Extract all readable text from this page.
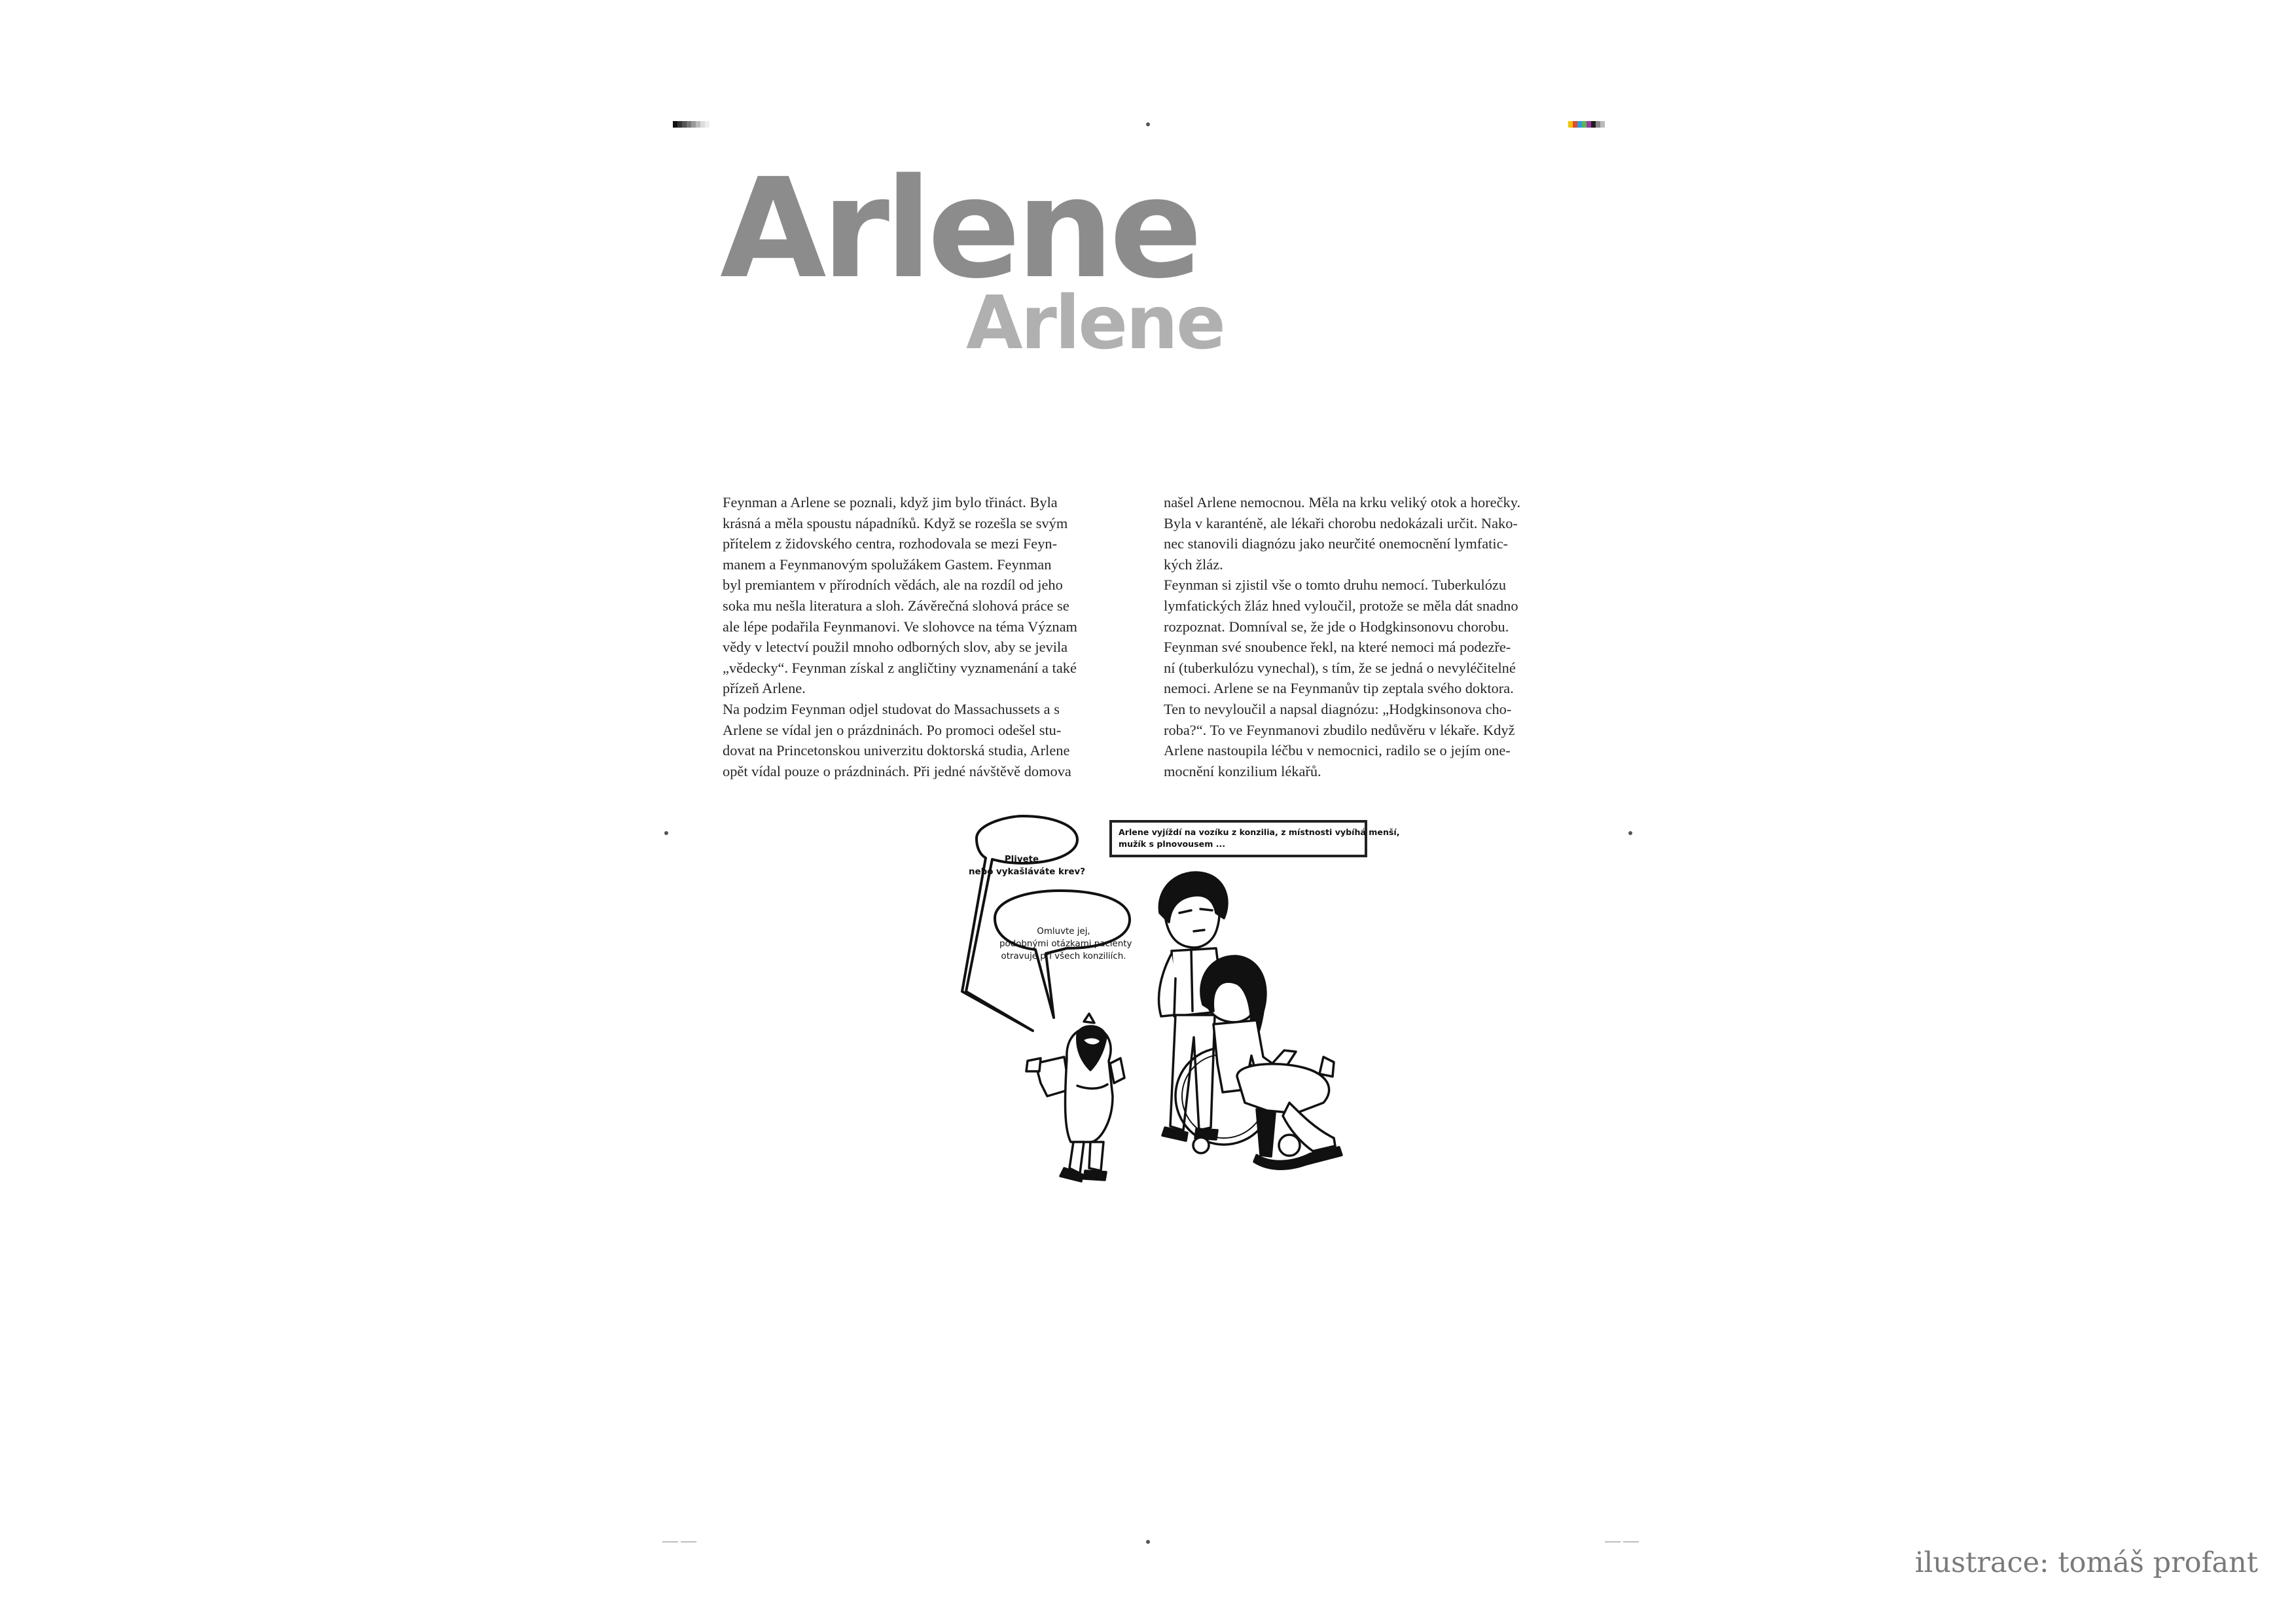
Arlene
Arlene

Feynman a Arlene se poznali, když jim bylo třináct. Byla

krásná a měla spoustu nápadníků. Když se rozešla se svým

přítelem z židovského centra, rozhodovala se mezi Feyn-

manem a Feynmanovým spolužákem Gastem. Feynman

byl premiantem v přírodních vědách, ale na rozdíl od jeho

soka mu nešla literatura a sloh. Závěrečná slohová práce se

ale lépe podařila Feynmanovi. Ve slohovce na téma Význam

vědy v letectví použil mnoho odborných slov, aby se jevila

„vědecky“. Feynman získal z angličtiny vyznamenání a také

přízeň Arlene.

Na podzim Feynman odjel studovat do Massachussets a s

Arlene se vídal jen o prázdninách. Po promoci odešel stu-

dovat na Princetonskou univerzitu doktorská studia, Arlene

opět vídal pouze o prázdninách. Při jedné návštěvě domova

našel Arlene nemocnou. Měla na krku veliký otok a horečky.

Byla v karanténě, ale lékaři chorobu nedokázali určit. Nako-

nec stanovili diagnózu jako neurčité onemocnění lymfatic-

kých žláz.

Feynman si zjistil vše o tomto druhu nemocí. Tuberkulózu

lymfatických žláz hned vyloučil, protože se měla dát snadno

rozpoznat. Domníval se, že jde o Hodgkinsonovu chorobu.

Feynman své snoubence řekl, na které nemoci má podezře-

ní (tuberkulózu vynechal), s tím, že se jedná o nevyléčitelné

nemoci. Arlene se na Feynmanův tip zeptala svého doktora.

Ten to nevyloučil a napsal diagnózu: „Hodgkinsonova cho-

roba?“. To ve Feynmanovi zbudilo nedůvěru v lékaře. Když

Arlene nastoupila léčbu v nemocnici, radilo se o jejím one-

mocnění konzilium lékařů.

Arlene vyjíždí na vozíku z konzilia, z místnosti vybíhá menší,

mužík s plnovousem ...

Plivete

nebo vykašláváte krev?

Omluvte jej,

podobnými otázkami pacienty

otravuje při všech konziliích.

ilustrace: tomáš profant
